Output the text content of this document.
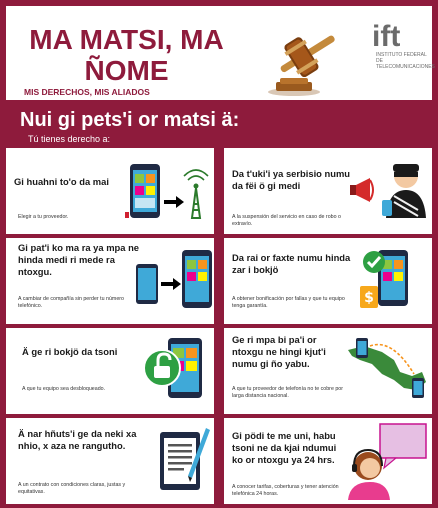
MA MATSI, MA
ÑOME
MIS DERECHOS, MIS ALIADOS
ift
INSTITUTO FEDERAL DE
TELECOMUNICACIONES
Nui gi pets'i or matsi ä:
Tú tienes derecho a:
Gi huahni to'o da mai
Elegir a tu proveedor.
Da t'uki'i ya serbisio numu da fëi ö gi medi
A la suspensión del servicio en caso de robo o extravío.
Gi pat'i ko ma ra ya mpa ne hinda medi ri mede ra ntoxgu.
A cambiar de compañía sin perder tu número telefónico.
Da rai or faxte numu hinda zar i bokjö
A obtener bonificación por fallas y que tu equipo tenga garantía.	$
Ä ge ri bokjö da tsoni
A que tu equipo sea desbloqueado.
Ge ri mpa bi pa'i or ntoxgu ne hingi kjut'i numu gi ño yabu.
A que tu proveedor de telefonía no te cobre por larga distancia nacional.
Ä nar hñuts'i ge da neki xa nhio, x aza ne rangutho.
A un contrato con condiciones claras, justas y equitativas.
Gi pödi te me uni, habu tsoni ne da kjai ndumui ko or ntoxgu ya 24 hrs.
A conocer tarifas, coberturas y tener atención telefónica 24 horas.
